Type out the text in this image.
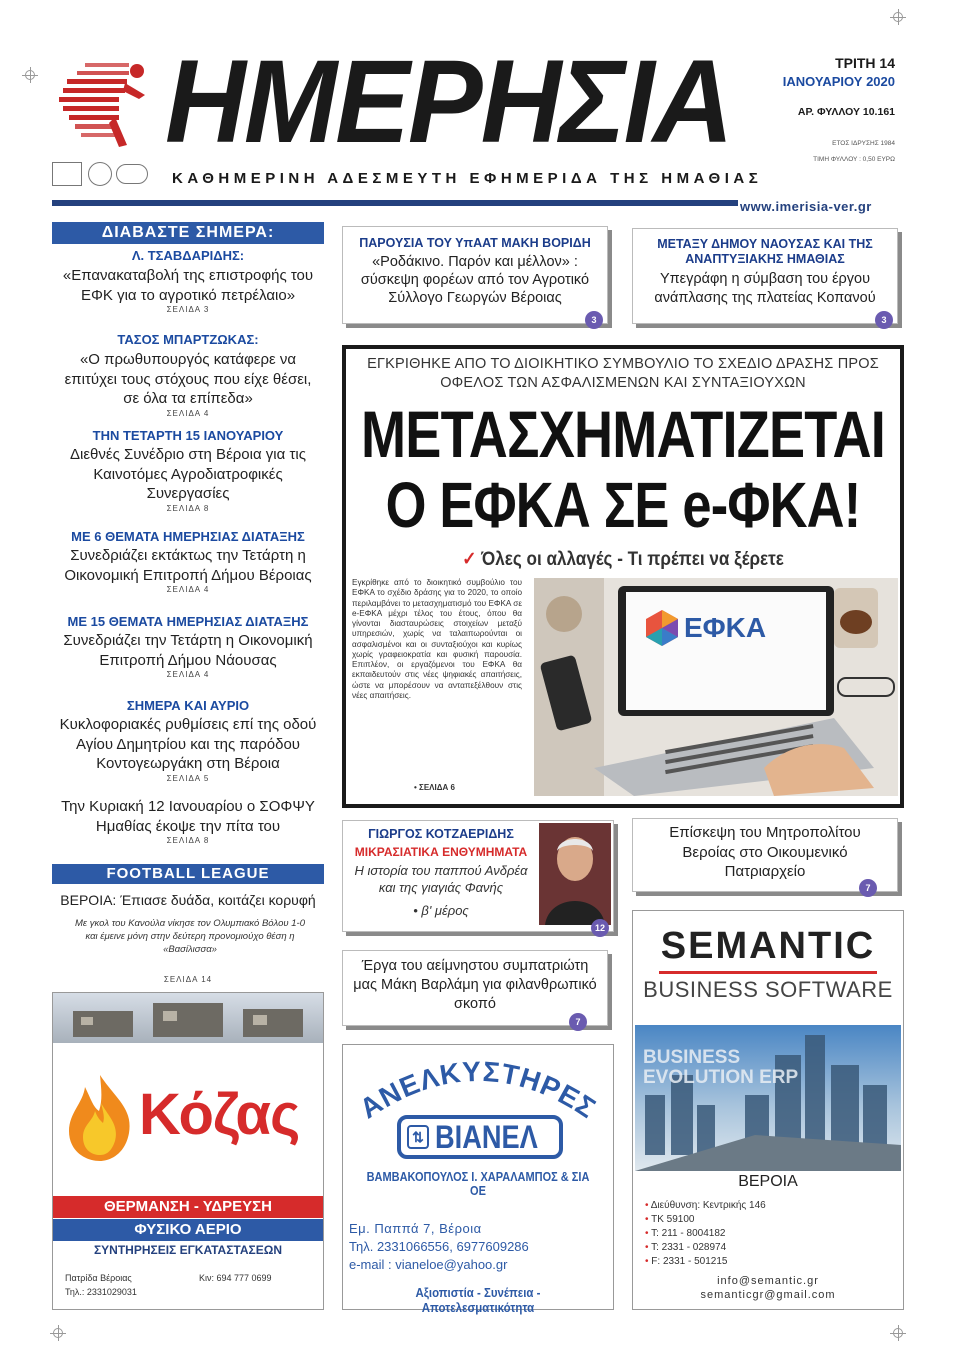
ΗΜΕΡΗΣΙΑ
ΚΑΘΗΜΕΡΙΝΗ ΑΔΕΣΜΕΥΤΗ ΕΦΗΜΕΡΙΔΑ ΤΗΣ ΗΜΑΘΙΑΣ
ΤΡΙΤΗ 14
ΙΑΝΟΥΑΡΙΟΥ 2020
ΑΡ. ΦΥΛΛΟΥ 10.161
ΕΤΟΣ ΙΔΡΥΣΗΣ 1984
ΤΙΜΗ ΦΥΛΛΟΥ : 0,50 ΕΥΡΩ
www.imerisia-ver.gr
ΔΙΑΒΑΣΤΕ ΣΗΜΕΡΑ:
Λ. ΤΣΑΒΔΑΡΙΔΗΣ:
«Επανακαταβολή της επιστροφής του ΕΦΚ για το αγροτικό πετρέλαιο»
ΣΕΛΙΔΑ 3
ΤΑΣΟΣ ΜΠΑΡΤΖΩΚΑΣ:
«Ο πρωθυπουργός κατάφερε να επιτύχει τους στόχους που είχε θέσει, σε όλα τα επίπεδα»
ΣΕΛΙΔΑ 4
ΤΗΝ ΤΕΤΑΡΤΗ 15 ΙΑΝΟΥΑΡΙΟΥ
Διεθνές Συνέδριο στη Βέροια για τις Καινοτόμες Αγροδιατροφικές Συνεργασίες
ΣΕΛΙΔΑ 8
ΜΕ 6 ΘΕΜΑΤΑ ΗΜΕΡΗΣΙΑΣ ΔΙΑΤΑΞΗΣ
Συνεδριάζει εκτάκτως την Τετάρτη η Οικονομική Επιτροπή Δήμου Βέροιας
ΣΕΛΙΔΑ 4
ΜΕ 15 ΘΕΜΑΤΑ ΗΜΕΡΗΣΙΑΣ ΔΙΑΤΑΞΗΣ
Συνεδριάζει την Τετάρτη η Οικονομική Επιτροπή Δήμου Νάουσας
ΣΕΛΙΔΑ 4
ΣΗΜΕΡΑ ΚΑΙ ΑΥΡΙΟ
Κυκλοφοριακές ρυθμίσεις επί της οδού Αγίου Δημητρίου και της παρόδου Κοντογεωργάκη στη Βέροια
ΣΕΛΙΔΑ 5
Την Κυριακή 12 Ιανουαρίου ο ΣΟΦΨΥ Ημαθίας έκοψε την πίτα του
ΣΕΛΙΔΑ 8
FOOTBALL LEAGUE
ΒΕΡΟΙΑ: Έπιασε δυάδα, κοιτάζει κορυφή
Με γκολ του Κανούλα νίκησε τον Ολυμπιακό Βόλου 1-0 και έμεινε μόνη στην δεύτερη προνομιούχο θέση η «Βασίλισσα»
ΣΕΛΙΔΑ 14
Κόζας
ΘΕΡΜΑΝΣΗ - ΥΔΡΕΥΣΗ
ΦΥΣΙΚΟ ΑΕΡΙΟ
ΣΥΝΤΗΡΗΣΕΙΣ ΕΓΚΑΤΑΣΤΑΣΕΩΝ
Πατρίδα Βέροιας
Τηλ.: 2331029031
Κιν: 694 777 0699
ΠΑΡΟΥΣΙΑ ΤΟΥ ΥπΑΑΤ ΜΑΚΗ ΒΟΡΙΔΗ
«Ροδάκινο. Παρόν και μέλλον» : σύσκεψη φορέων από τον Αγροτικό Σύλλογο Γεωργών Βέροιας
3
ΜΕΤΑΞΥ ΔΗΜΟΥ ΝΑΟΥΣΑΣ ΚΑΙ ΤΗΣ ΑΝΑΠΤΥΞΙΑΚΗΣ ΗΜΑΘΙΑΣ
Υπεγράφη η σύμβαση του έργου ανάπλασης της πλατείας Κοπανού
3
ΕΓΚΡΙΘΗΚΕ ΑΠΟ ΤΟ ΔΙΟΙΚΗΤΙΚΟ ΣΥΜΒΟΥΛΙΟ ΤΟ ΣΧΕΔΙΟ ΔΡΑΣΗΣ ΠΡΟΣ ΟΦΕΛΟΣ ΤΩΝ ΑΣΦΑΛΙΣΜΕΝΩΝ ΚΑΙ ΣΥΝΤΑΞΙΟΥΧΩΝ
ΜΕΤΑΣΧΗΜΑΤΙΖΕΤΑΙ
Ο ΕΦΚΑ ΣΕ e-ΦΚΑ!
✓ Όλες οι αλλαγές - Τι πρέπει να ξέρετε
Εγκρίθηκε από το διοικητικό συμβούλιο του ΕΦΚΑ το σχέδιο δράσης για το 2020, το οποίο περιλαμβάνει το μετασχηματισμό του ΕΦΚΑ σε e-ΕΦΚΑ μέχρι τέλος του έτους, όπου θα γίνονται διασταυρώσεις στοιχείων μεταξύ υπηρεσιών, χωρίς να ταλαιπωρούνται οι ασφαλισμένοι και οι συνταξιούχοι και κυρίως χωρίς γραφειοκρατία και φυσική παρουσία. Επιπλέον, οι εργαζόμενοι του ΕΦΚΑ θα εκπαιδευτούν στις νέες ψηφιακές απαιτήσεις, ώστε να μπορέσουν να ανταπεξέλθουν στις νέες απαιτήσεις.
• ΣΕΛΙΔΑ 6
ΕΦΚΑ
ΓΙΩΡΓΟΣ ΚΟΤΖΑΕΡΙΔΗΣ
ΜΙΚΡΑΣΙΑΤΙΚΑ ΕΝΘΥΜΗΜΑΤΑ
Η ιστορία του παππού Ανδρέα και της γιαγιάς Φανής
• β' μέρος
12
Επίσκεψη του Μητροπολίτου Βεροίας στο Οικουμενικό Πατριαρχείο
7
Έργα του αείμνηστου συμπατριώτη μας Μάκη Βαρλάμη για φιλανθρωπικό σκοπό
7
ΑΝΕΛΚΥΣΤΗΡΕΣ
⇅ ΒΙΑΝΕΛ
ΒΑΜΒΑΚΟΠΟΥΛΟΣ Ι. ΧΑΡΑΛΑΜΠΟΣ & ΣΙΑ ΟΕ
Εμ. Παππά 7, Βέροια
Τηλ. 2331066556, 6977609286
e-mail : vianeloe@yahoo.gr
Αξιοπιστία - Συνέπεια - Αποτελεσματικότητα
SEMANTIC
BUSINESS SOFTWARE
BUSINESS
EVOLUTION ERP
ΒΕΡΟΙΑ
• Διεύθυνση: Κεντρικής 146
• ΤΚ 59100
• Τ: 211 - 8004182
• Τ: 2331 - 028974
• F: 2331 - 501215
info@semantic.gr
semanticgr@gmail.com
